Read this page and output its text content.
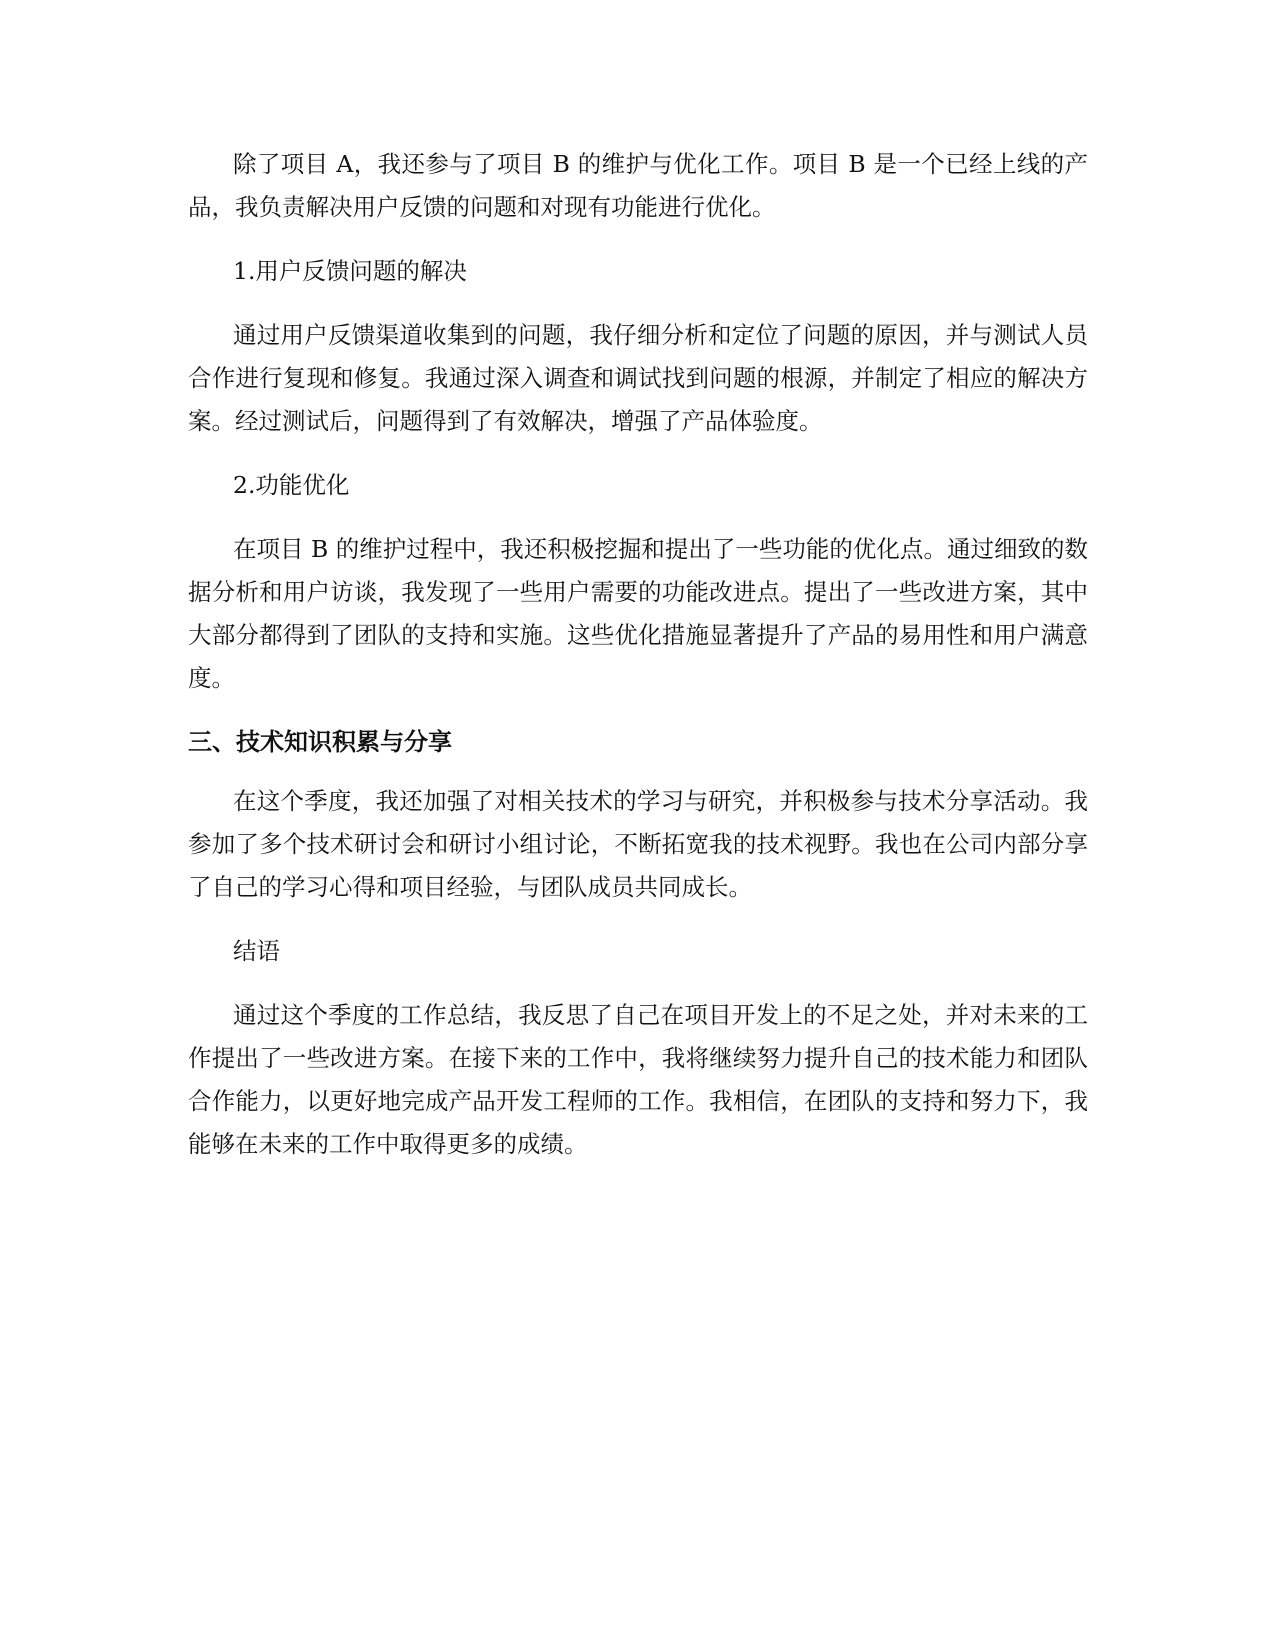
除了项目 A，我还参与了项目 B 的维护与优化工作。项目 B 是一个已经上线的产品，我负责解决用户反馈的问题和对现有功能进行优化。

1.用户反馈问题的解决

通过用户反馈渠道收集到的问题，我仔细分析和定位了问题的原因，并与测试人员合作进行复现和修复。我通过深入调查和调试找到问题的根源，并制定了相应的解决方案。经过测试后，问题得到了有效解决，增强了产品体验度。

2.功能优化

在项目 B 的维护过程中，我还积极挖掘和提出了一些功能的优化点。通过细致的数据分析和用户访谈，我发现了一些用户需要的功能改进点。提出了一些改进方案，其中大部分都得到了团队的支持和实施。这些优化措施显著提升了产品的易用性和用户满意度。

三、技术知识积累与分享

在这个季度，我还加强了对相关技术的学习与研究，并积极参与技术分享活动。我参加了多个技术研讨会和研讨小组讨论，不断拓宽我的技术视野。我也在公司内部分享了自己的学习心得和项目经验，与团队成员共同成长。

结语

通过这个季度的工作总结，我反思了自己在项目开发上的不足之处，并对未来的工作提出了一些改进方案。在接下来的工作中，我将继续努力提升自己的技术能力和团队合作能力，以更好地完成产品开发工程师的工作。我相信，在团队的支持和努力下，我能够在未来的工作中取得更多的成绩。
